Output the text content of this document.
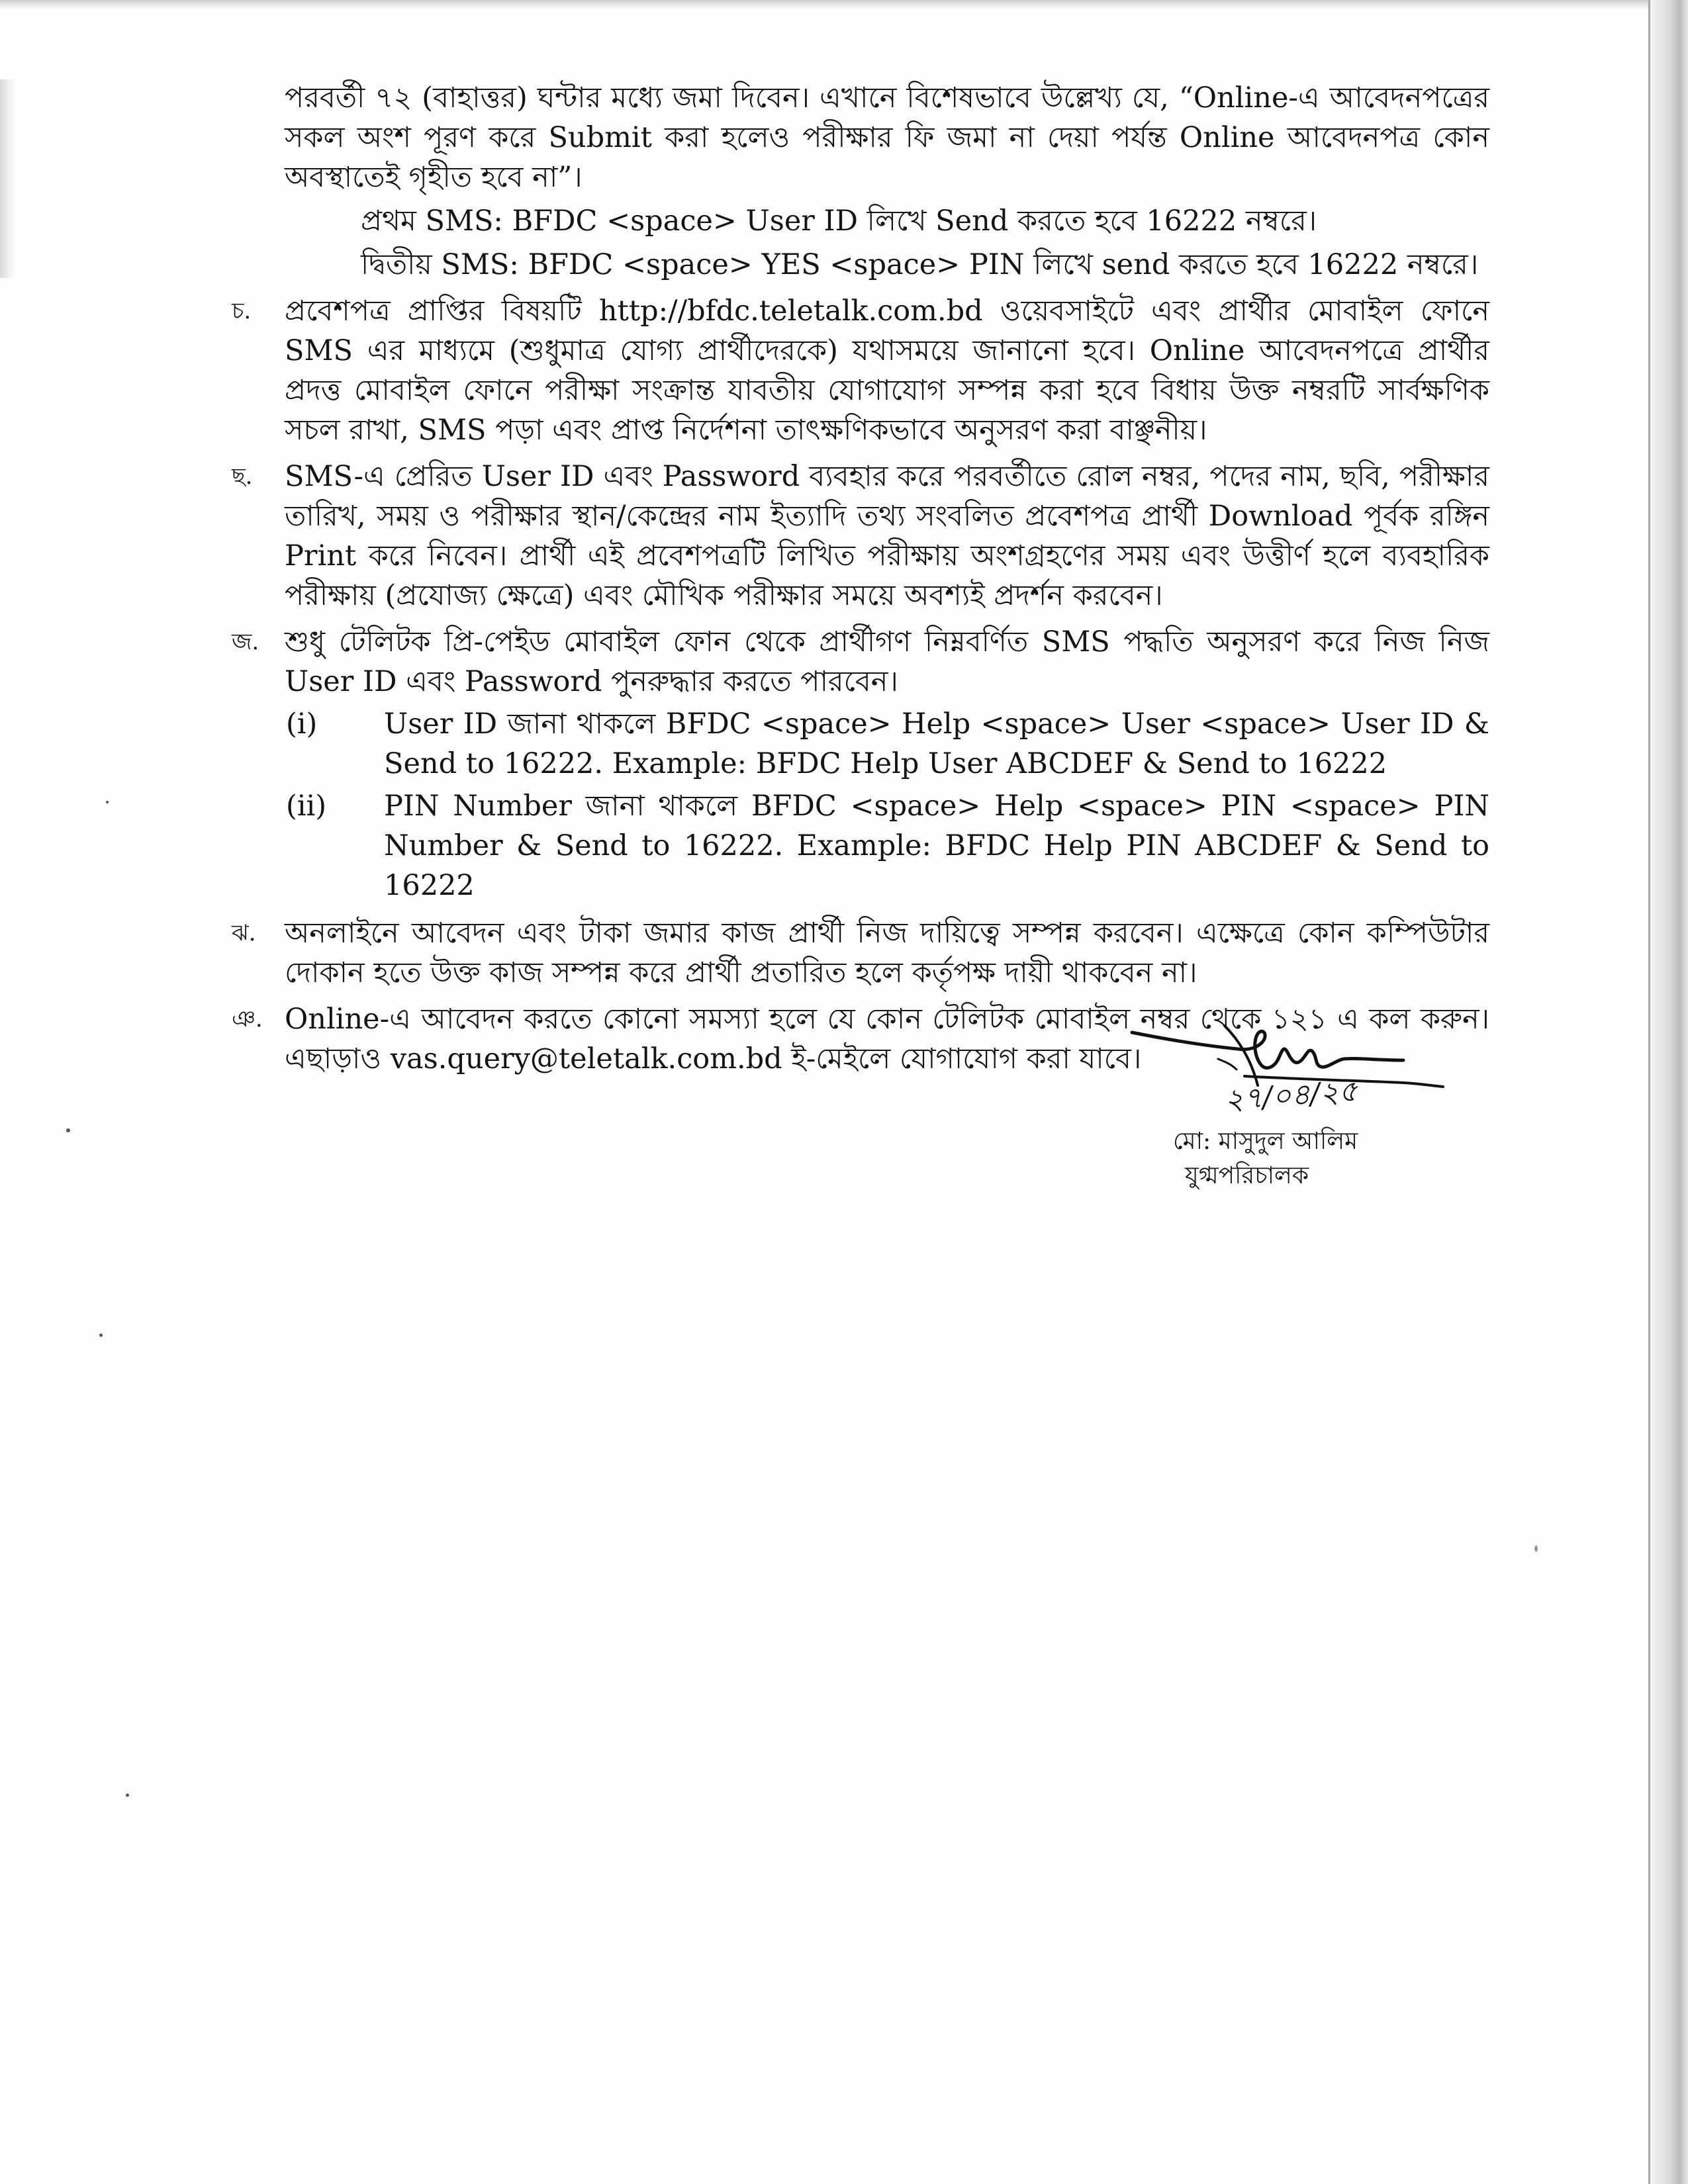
পরবর্তী ৭২ (বাহাত্তর) ঘন্টার মধ্যে জমা দিবেন। এখানে বিশেষভাবে উল্লেখ্য যে, “Online-এ আবেদনপত্রের সকল অংশ পূরণ করে Submit করা হলেও পরীক্ষার ফি জমা না দেয়া পর্যন্ত Online আবেদনপত্র কোন অবস্থাতেই গৃহীত হবে না”।

প্রথম SMS: BFDC <space> User ID লিখে Send করতে হবে 16222 নম্বরে।
দ্বিতীয় SMS: BFDC <space> YES <space> PIN লিখে send করতে হবে 16222 নম্বরে।
চ.	প্রবেশপত্র প্রাপ্তির বিষয়টি http://bfdc.teletalk.com.bd ওয়েবসাইটে এবং প্রার্থীর মোবাইল ফোনে SMS এর মাধ্যমে (শুধুমাত্র যোগ্য প্রার্থীদেরকে) যথাসময়ে জানানো হবে। Online আবেদনপত্রে প্রার্থীর প্রদত্ত মোবাইল ফোনে পরীক্ষা সংক্রান্ত যাবতীয় যোগাযোগ সম্পন্ন করা হবে বিধায় উক্ত নম্বরটি সার্বক্ষণিক সচল রাখা, SMS পড়া এবং প্রাপ্ত নির্দেশনা তাৎক্ষণিকভাবে অনুসরণ করা বাঞ্ছনীয়।
ছ.	SMS-এ প্রেরিত User ID এবং Password ব্যবহার করে পরবর্তীতে রোল নম্বর, পদের নাম, ছবি, পরীক্ষার তারিখ, সময় ও পরীক্ষার স্থান/কেন্দ্রের নাম ইত্যাদি তথ্য সংবলিত প্রবেশপত্র প্রার্থী Download পূর্বক রঙ্গিন Print করে নিবেন। প্রার্থী এই প্রবেশপত্রটি লিখিত পরীক্ষায় অংশগ্রহণের সময় এবং উত্তীর্ণ হলে ব্যবহারিক পরীক্ষায় (প্রযোজ্য ক্ষেত্রে) এবং মৌখিক পরীক্ষার সময়ে অবশ্যই প্রদর্শন করবেন।
জ. শুধু টেলিটক প্রি-পেইড মোবাইল ফোন থেকে প্রার্থীগণ নিম্নবর্ণিত SMS পদ্ধতি অনুসরণ করে নিজ নিজ User ID এবং Password পুনরুদ্ধার করতে পারবেন।
(i) User ID জানা থাকলে BFDC <space> Help <space> User <space> User ID & Send to 16222. Example: BFDC Help User ABCDEF & Send to 16222
(ii) PIN Number জানা থাকলে BFDC <space> Help <space> PIN <space> PIN Number & Send to 16222. Example: BFDC Help PIN ABCDEF & Send to 16222
ঝ.	অনলাইনে আবেদন এবং টাকা জমার কাজ প্রার্থী নিজ দায়িত্বে সম্পন্ন করবেন। এক্ষেত্রে কোন কম্পিউটার দোকান হতে উক্ত কাজ সম্পন্ন করে প্রার্থী প্রতারিত হলে কর্তৃপক্ষ দায়ী থাকবেন না।
ঞ. Online-এ আবেদন করতে কোনো সমস্যা হলে যে কোন টেলিটক মোবাইল নম্বর থেকে ১২১ এ কল করুন। এছাড়াও vas.query@teletalk.com.bd ই-মেইলে যোগাযোগ করা যাবে।
২৭/০৪/২৫
মো: মাসুদুল আলিম
যুগ্মপরিচালক
